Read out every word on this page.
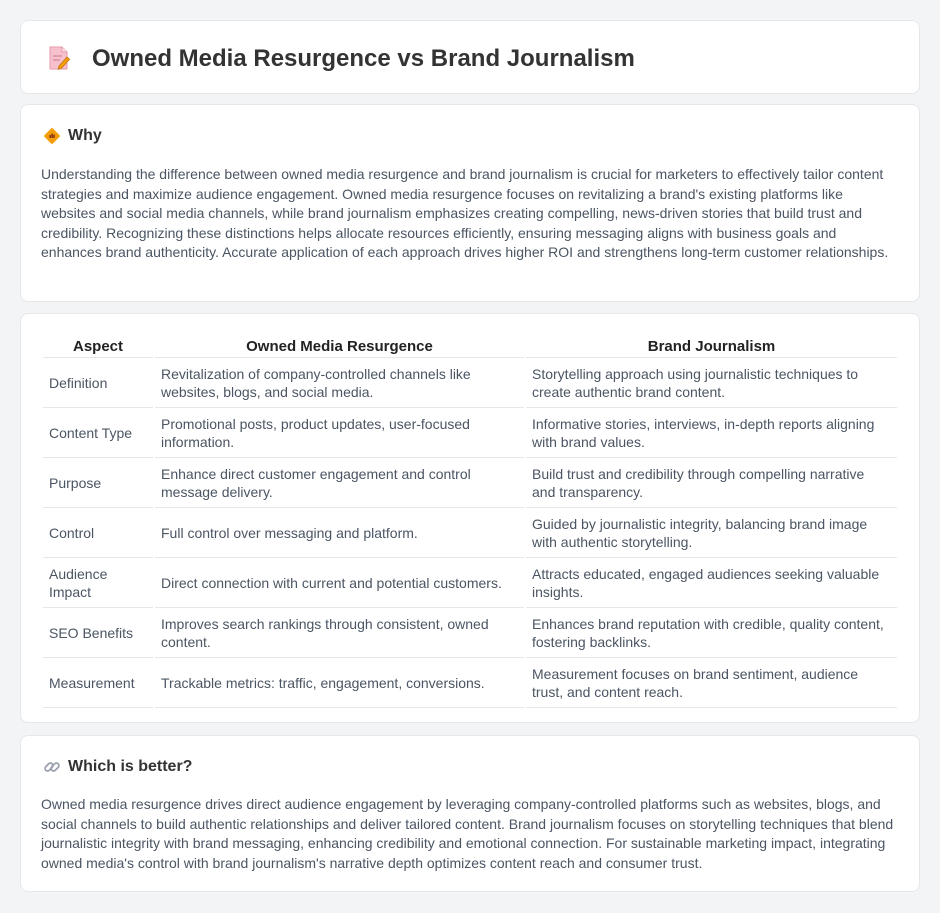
Owned Media Resurgence vs Brand Journalism
Why

Understanding the difference between owned media resurgence and brand journalism is crucial for marketers to effectively tailor content strategies and maximize audience engagement. Owned media resurgence focuses on revitalizing a brand's existing platforms like websites and social media channels, while brand journalism emphasizes creating compelling, news-driven stories that build trust and credibility. Recognizing these distinctions helps allocate resources efficiently, ensuring messaging aligns with business goals and enhances brand authenticity. Accurate application of each approach drives higher ROI and strengthens long-term customer relationships.

Aspect	Owned Media Resurgence	Brand Journalism
Definition	Revitalization of company-controlled channels like websites, blogs, and social media.	Storytelling approach using journalistic techniques to create authentic brand content.
Content Type	Promotional posts, product updates, user-focused information.	Informative stories, interviews, in-depth reports aligning with brand values.
Purpose	Enhance direct customer engagement and control message delivery.	Build trust and credibility through compelling narrative and transparency.
Control	Full control over messaging and platform.	Guided by journalistic integrity, balancing brand image with authentic storytelling.
Audience Impact	Direct connection with current and potential customers.	Attracts educated, engaged audiences seeking valuable insights.
SEO Benefits	Improves search rankings through consistent, owned content.	Enhances brand reputation with credible, quality content, fostering backlinks.
Measurement	Trackable metrics: traffic, engagement, conversions.	Measurement focuses on brand sentiment, audience trust, and content reach.
Which is better?

Owned media resurgence drives direct audience engagement by leveraging company-controlled platforms such as websites, blogs, and social channels to build authentic relationships and deliver tailored content. Brand journalism focuses on storytelling techniques that blend journalistic integrity with brand messaging, enhancing credibility and emotional connection. For sustainable marketing impact, integrating owned media's control with brand journalism's narrative depth optimizes content reach and consumer trust.
